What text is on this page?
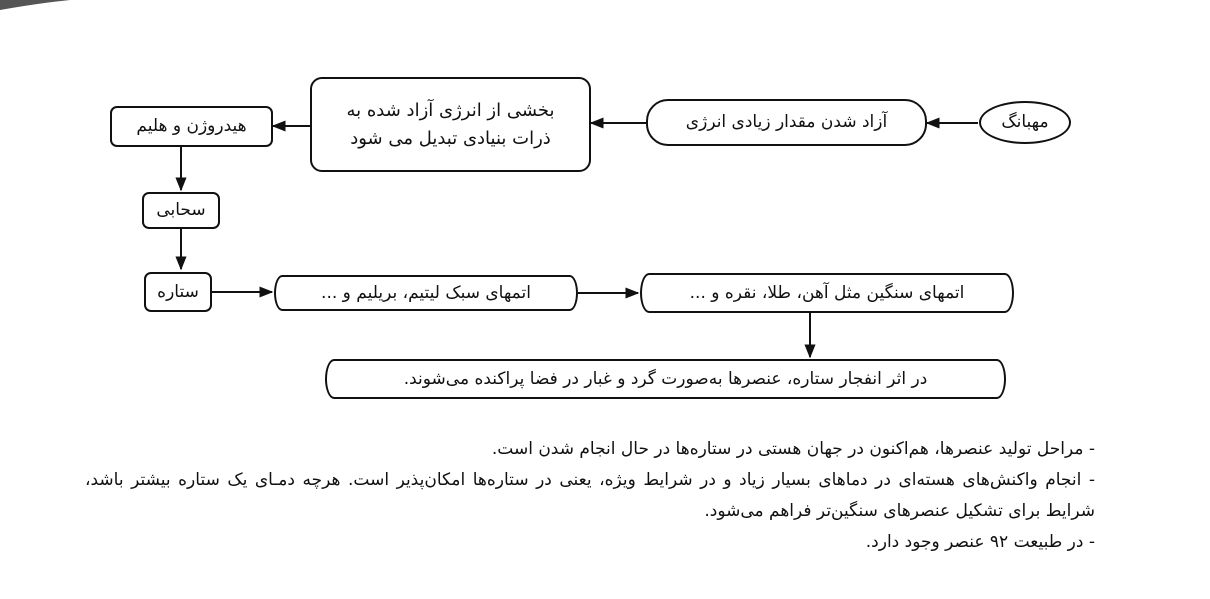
مهبانگ
آزاد شدن مقدار زیادی انرژی
بخشی از انرژی آزاد شده به
ذرات بنیادی تبدیل می شود
هیدروژن و هلیم
سحابی
ستاره	اتمهای سبک لیتیم، بریلیم و ...	اتمهای سنگین مثل آهن، طلا، نقره و ...
در اثر انفجار ستاره، عنصرها به‌صورت گرد و غبار در فضا پراکنده می‌شوند.

- مراحل تولید عنصرها، هم‌اکنون در جهان هستی در ستاره‌ها در حال انجام شدن است.

- انجام واکنش‌های هسته‌ای در دماهای بسیار زیاد و در شرایط ویژه، یعنی در ستاره‌ها امکان‌پذیر است. هرچه دمـای یک ستاره بیشتر باشد، شرایط برای تشکیل عنصرهای سنگین‌تر فراهم می‌شود.

- در طبیعت ۹۲ عنصر وجود دارد.
